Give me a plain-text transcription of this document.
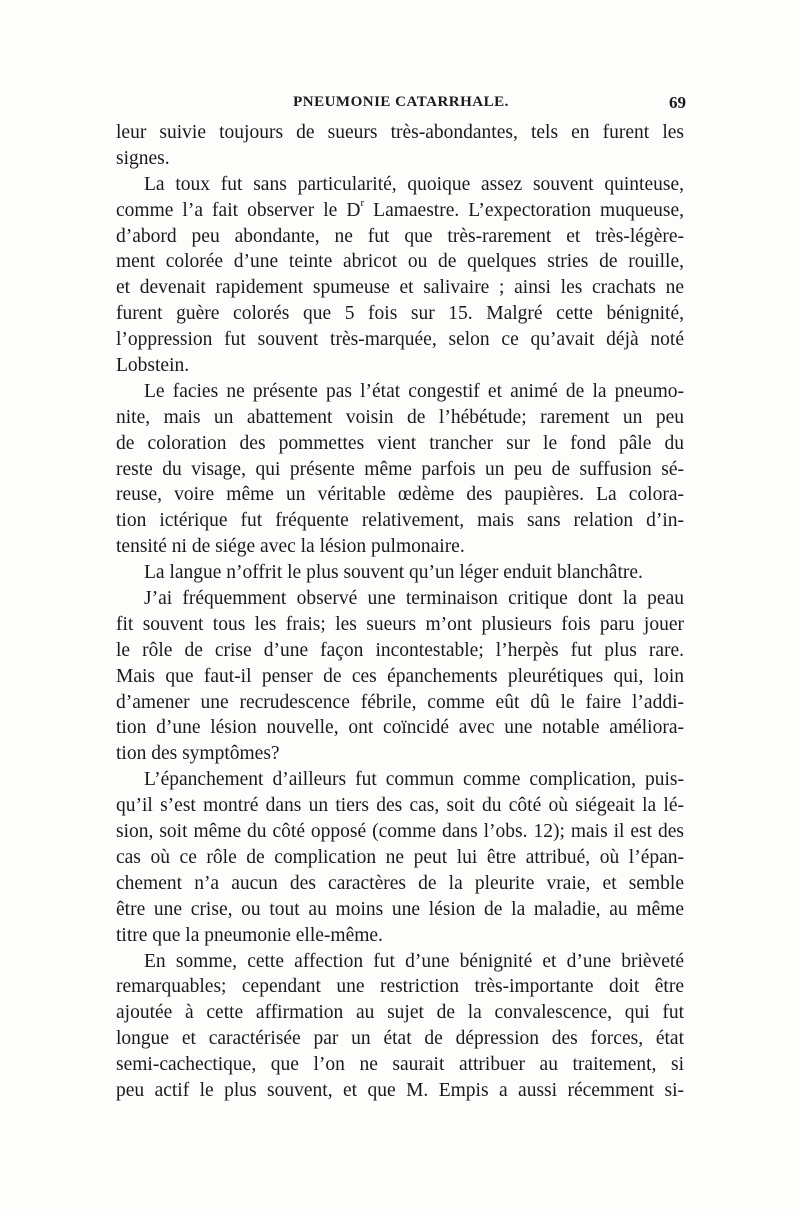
PNEUMONIE CATARRHALE.	69
leur suivie toujours de sueurs très-abondantes, tels en furent les
signes.
La toux fut sans particularité, quoique assez souvent quinteuse,
comme l’a fait observer le $D^r$ Lamaestre. L’expectoration muqueuse,
d’abord peu abondante, ne fut que très-rarement et très-légère-
ment colorée d’une teinte abricot ou de quelques stries de rouille,
et devenait rapidement spumeuse et salivaire ; ainsi les crachats ne
furent guère colorés que 5 fois sur 15. Malgré cette bénignité,
l’oppression fut souvent très-marquée, selon ce qu’avait déjà noté
Lobstein.
Le facies ne présente pas l’état congestif et animé de la pneumo-
nite, mais un abattement voisin de l’hébétude; rarement un peu
de coloration des pommettes vient trancher sur le fond pâle du
reste du visage, qui présente même parfois un peu de suffusion sé-
reuse, voire même un véritable œdème des paupières. La colora-
tion ictérique fut fréquente relativement, mais sans relation d’in-
tensité ni de siége avec la lésion pulmonaire.
La langue n’offrit le plus souvent qu’un léger enduit blanchâtre.
J’ai fréquemment observé une terminaison critique dont la peau
fit souvent tous les frais; les sueurs m’ont plusieurs fois paru jouer
le rôle de crise d’une façon incontestable; l’herpès fut plus rare.
Mais que faut-il penser de ces épanchements pleurétiques qui, loin
d’amener une recrudescence fébrile, comme eût dû le faire l’addi-
tion d’une lésion nouvelle, ont coïncidé avec une notable améliora-
tion des symptômes?
L’épanchement d’ailleurs fut commun comme complication, puis-
qu’il s’est montré dans un tiers des cas, soit du côté où siégeait la lé-
sion, soit même du côté opposé (comme dans l’obs. 12); mais il est des
cas où ce rôle de complication ne peut lui être attribué, où l’épan-
chement n’a aucun des caractères de la pleurite vraie, et semble
être une crise, ou tout au moins une lésion de la maladie, au même
titre que la pneumonie elle-même.
En somme, cette affection fut d’une bénignité et d’une brièveté
remarquables; cependant une restriction très-importante doit être
ajoutée à cette affirmation au sujet de la convalescence, qui fut
longue et caractérisée par un état de dépression des forces, état
semi-cachectique, que l’on ne saurait attribuer au traitement, si
peu actif le plus souvent, et que M. Empis a aussi récemment si-
